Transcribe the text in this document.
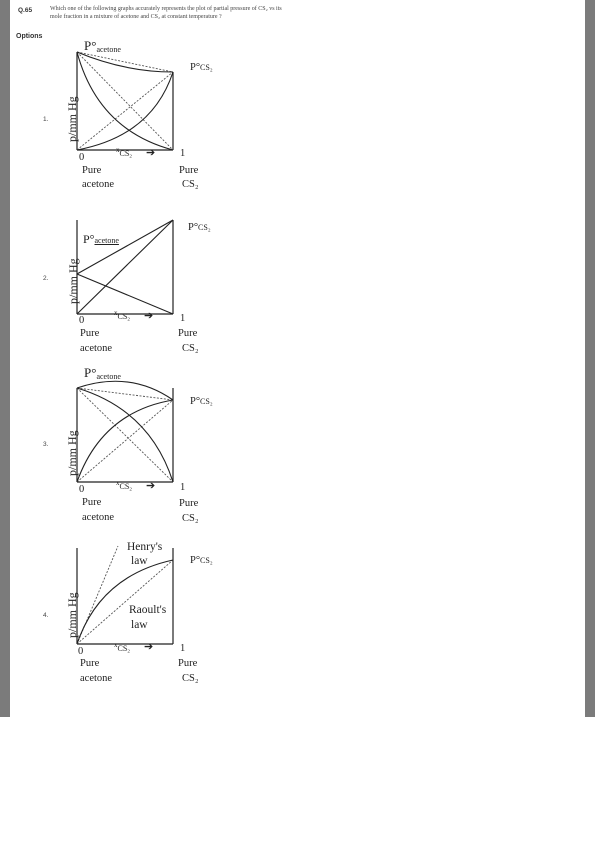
Q.65	Which one of the following graphs accurately represents the plot of partial pressure of CS₂ vs its
mole fraction in a mixture of acetone and CS₂ at constant temperature ?
Options
1.
P°acetone
P°CS₂
p/mm Hg
0	1
$^x$CS₂ ➔
Pure
acetone
Pure
CS₂
2.
P°acetone
P°CS₂
p/mm Hg
0	1
$^x$CS₂ ➔
Pure
acetone
Pure
CS₂
3.
P°acetone
P°CS₂
p/mm Hg
0	1
$^x$CS₂ ➔
Pure
acetone
Pure
CS₂
4.
Henry's
law
Raoult's
law
P°CS₂
p/mm Hg
0	1
$^x$CS₂ ➔
Pure
acetone
Pure
CS₂
